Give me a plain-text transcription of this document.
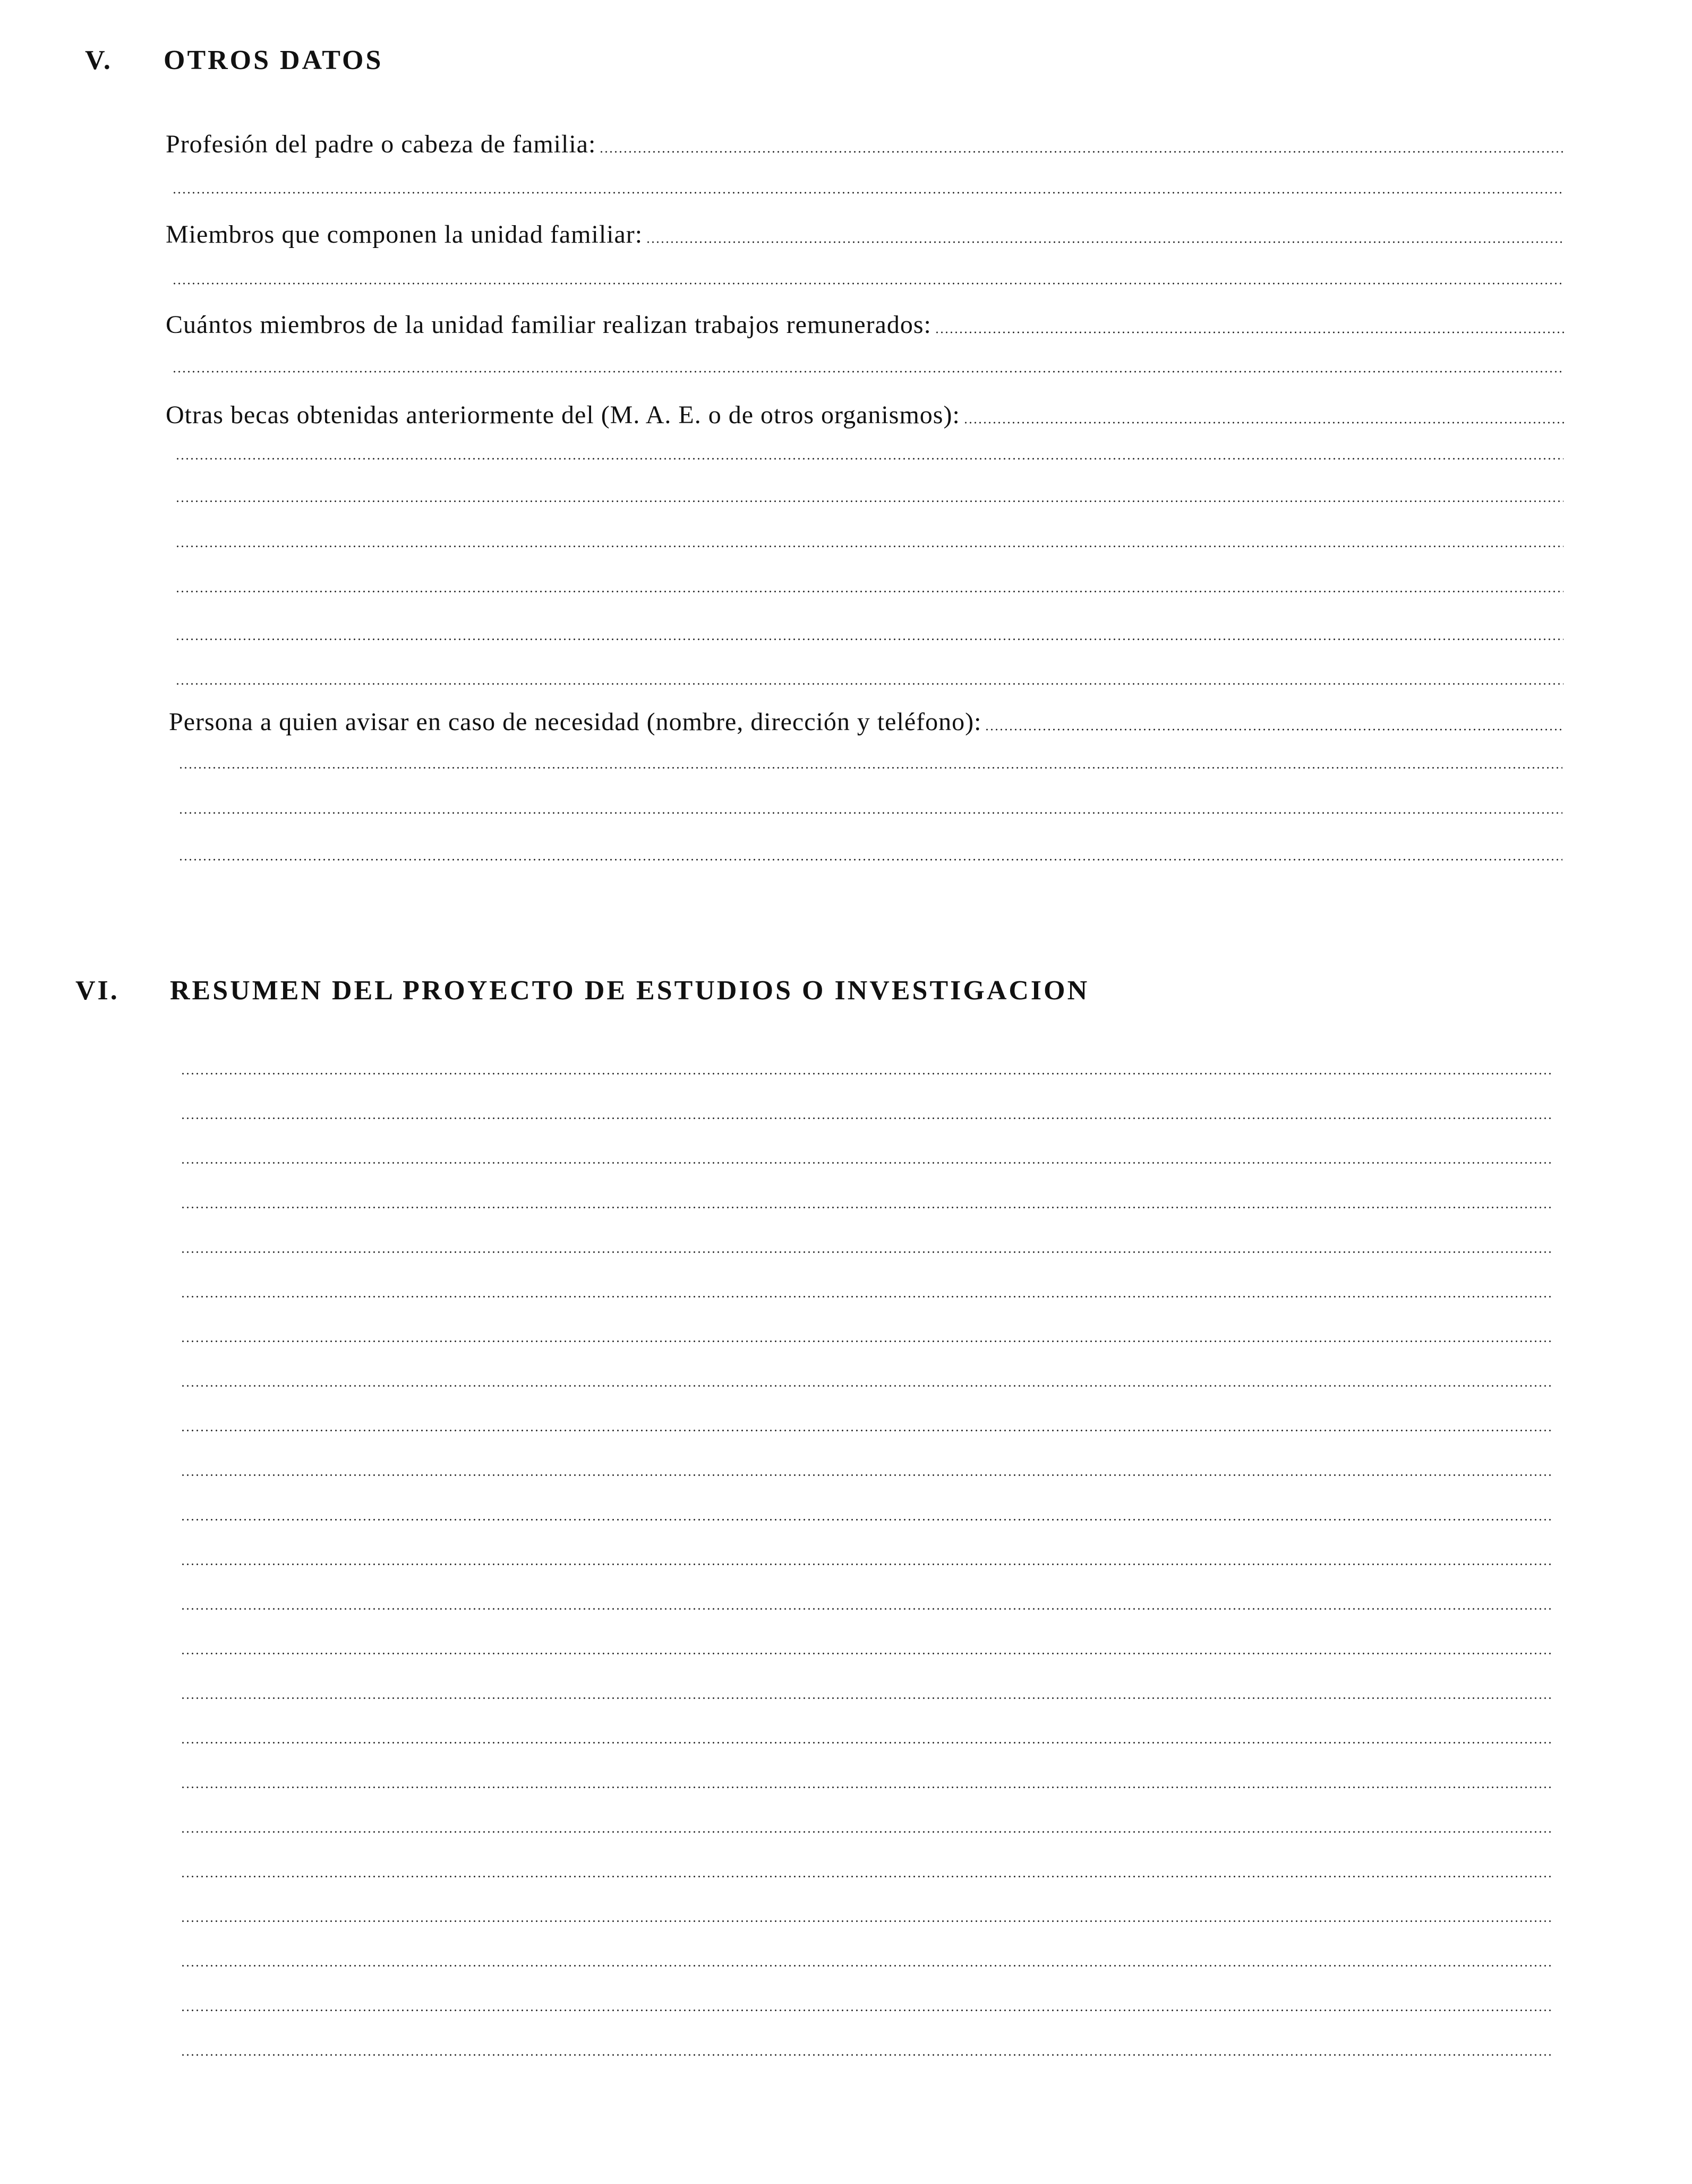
V. OTROS DATOS
Profesión del padre o cabeza de familia:
Miembros que componen la unidad familiar:
Cuántos miembros de la unidad familiar realizan trabajos remunerados:
Otras becas obtenidas anteriormente del (M. A. E. o de otros organismos):
Persona a quien avisar en caso de necesidad (nombre, dirección y teléfono):
VI. RESUMEN DEL PROYECTO DE ESTUDIOS O INVESTIGACION
